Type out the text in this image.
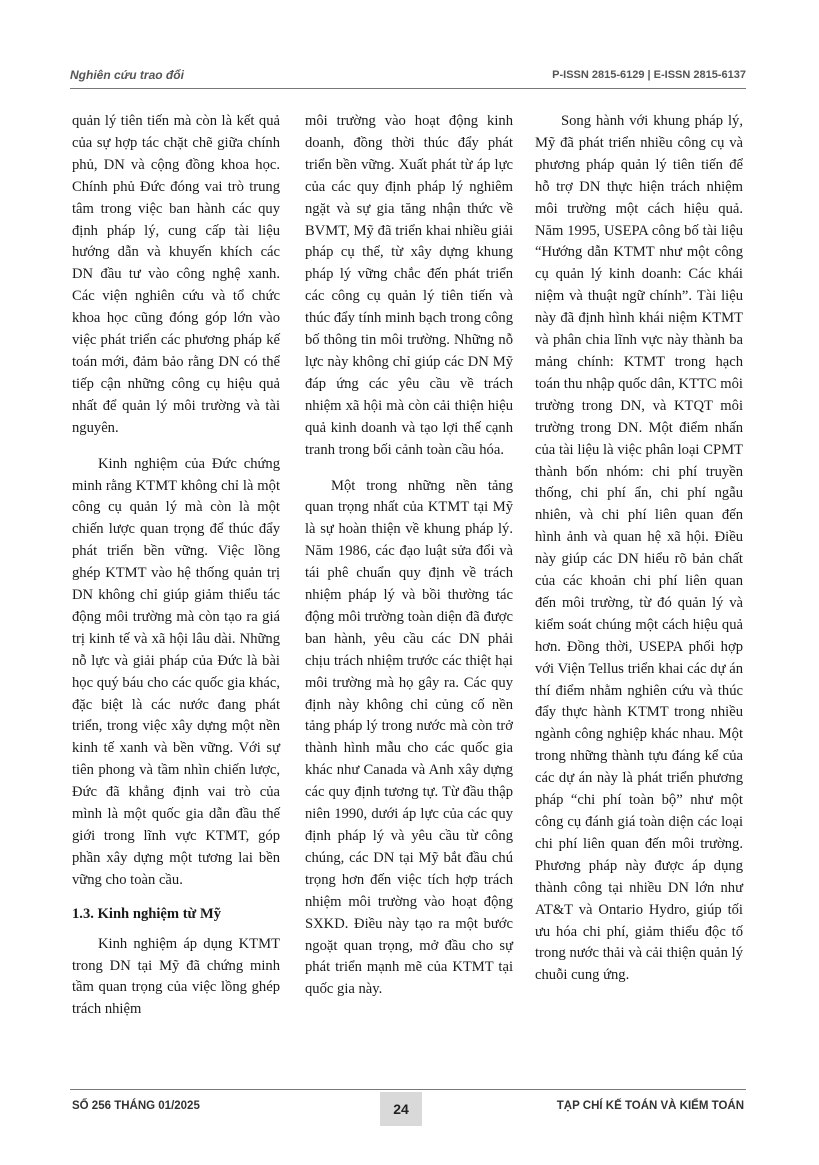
Nghiên cứu trao đổi	P-ISSN 2815-6129 | E-ISSN 2815-6137

quản lý tiên tiến mà còn là kết quả của sự hợp tác chặt chẽ giữa chính phủ, DN và cộng đồng khoa học. Chính phủ Đức đóng vai trò trung tâm trong việc ban hành các quy định pháp lý, cung cấp tài liệu hướng dẫn và khuyến khích các DN đầu tư vào công nghệ xanh. Các viện nghiên cứu và tổ chức khoa học cũng đóng góp lớn vào việc phát triển các phương pháp kế toán mới, đảm bảo rằng DN có thể tiếp cận những công cụ hiệu quả nhất để quản lý môi trường và tài nguyên.

Kinh nghiệm của Đức chứng minh rằng KTMT không chỉ là một công cụ quản lý mà còn là một chiến lược quan trọng để thúc đẩy phát triển bền vững. Việc lồng ghép KTMT vào hệ thống quản trị DN không chỉ giúp giảm thiểu tác động môi trường mà còn tạo ra giá trị kinh tế và xã hội lâu dài. Những nỗ lực và giải pháp của Đức là bài học quý báu cho các quốc gia khác, đặc biệt là các nước đang phát triển, trong việc xây dựng một nền kinh tế xanh và bền vững. Với sự tiên phong và tầm nhìn chiến lược, Đức đã khẳng định vai trò của mình là một quốc gia dẫn đầu thế giới trong lĩnh vực KTMT, góp phần xây dựng một tương lai bền vững cho toàn cầu.

1.3. Kinh nghiệm từ Mỹ

Kinh nghiệm áp dụng KTMT trong DN tại Mỹ đã chứng minh tầm quan trọng của việc lồng ghép trách nhiệm

môi trường vào hoạt động kinh doanh, đồng thời thúc đẩy phát triển bền vững. Xuất phát từ áp lực của các quy định pháp lý nghiêm ngặt và sự gia tăng nhận thức về BVMT, Mỹ đã triển khai nhiều giải pháp cụ thể, từ xây dựng khung pháp lý vững chắc đến phát triển các công cụ quản lý tiên tiến và thúc đẩy tính minh bạch trong công bố thông tin môi trường. Những nỗ lực này không chỉ giúp các DN Mỹ đáp ứng các yêu cầu về trách nhiệm xã hội mà còn cải thiện hiệu quả kinh doanh và tạo lợi thế cạnh tranh trong bối cảnh toàn cầu hóa.

Một trong những nền tảng quan trọng nhất của KTMT tại Mỹ là sự hoàn thiện về khung pháp lý. Năm 1986, các đạo luật sửa đổi và tái phê chuẩn quy định về trách nhiệm pháp lý và bồi thường tác động môi trường toàn diện đã được ban hành, yêu cầu các DN phải chịu trách nhiệm trước các thiệt hại môi trường mà họ gây ra. Các quy định này không chỉ củng cố nền tảng pháp lý trong nước mà còn trở thành hình mẫu cho các quốc gia khác như Canada và Anh xây dựng các quy định tương tự. Từ đầu thập niên 1990, dưới áp lực của các quy định pháp lý và yêu cầu từ công chúng, các DN tại Mỹ bắt đầu chú trọng hơn đến việc tích hợp trách nhiệm môi trường vào hoạt động SXKD. Điều này tạo ra một bước ngoặt quan trọng, mở đầu cho sự phát triển mạnh mẽ của KTMT tại quốc gia này.

Song hành với khung pháp lý, Mỹ đã phát triển nhiều công cụ và phương pháp quản lý tiên tiến để hỗ trợ DN thực hiện trách nhiệm môi trường một cách hiệu quả. Năm 1995, USEPA công bố tài liệu “Hướng dẫn KTMT như một công cụ quản lý kinh doanh: Các khái niệm và thuật ngữ chính”. Tài liệu này đã định hình khái niệm KTMT và phân chia lĩnh vực này thành ba mảng chính: KTMT trong hạch toán thu nhập quốc dân, KTTC môi trường trong DN, và KTQT môi trường trong DN. Một điểm nhấn của tài liệu là việc phân loại CPMT thành bốn nhóm: chi phí truyền thống, chi phí ẩn, chi phí ngẫu nhiên, và chi phí liên quan đến hình ảnh và quan hệ xã hội. Điều này giúp các DN hiểu rõ bản chất của các khoản chi phí liên quan đến môi trường, từ đó quản lý và kiểm soát chúng một cách hiệu quả hơn. Đồng thời, USEPA phối hợp với Viện Tellus triển khai các dự án thí điểm nhằm nghiên cứu và thúc đẩy thực hành KTMT trong nhiều ngành công nghiệp khác nhau. Một trong những thành tựu đáng kể của các dự án này là phát triển phương pháp “chi phí toàn bộ” như một công cụ đánh giá toàn diện các loại chi phí liên quan đến môi trường. Phương pháp này được áp dụng thành công tại nhiều DN lớn như AT&T và Ontario Hydro, giúp tối ưu hóa chi phí, giảm thiểu độc tố trong nước thải và cải thiện quản lý chuỗi cung ứng.

SỐ 256 THÁNG 01/2025	24	TẠP CHÍ KẾ TOÁN VÀ KIỂM TOÁN
